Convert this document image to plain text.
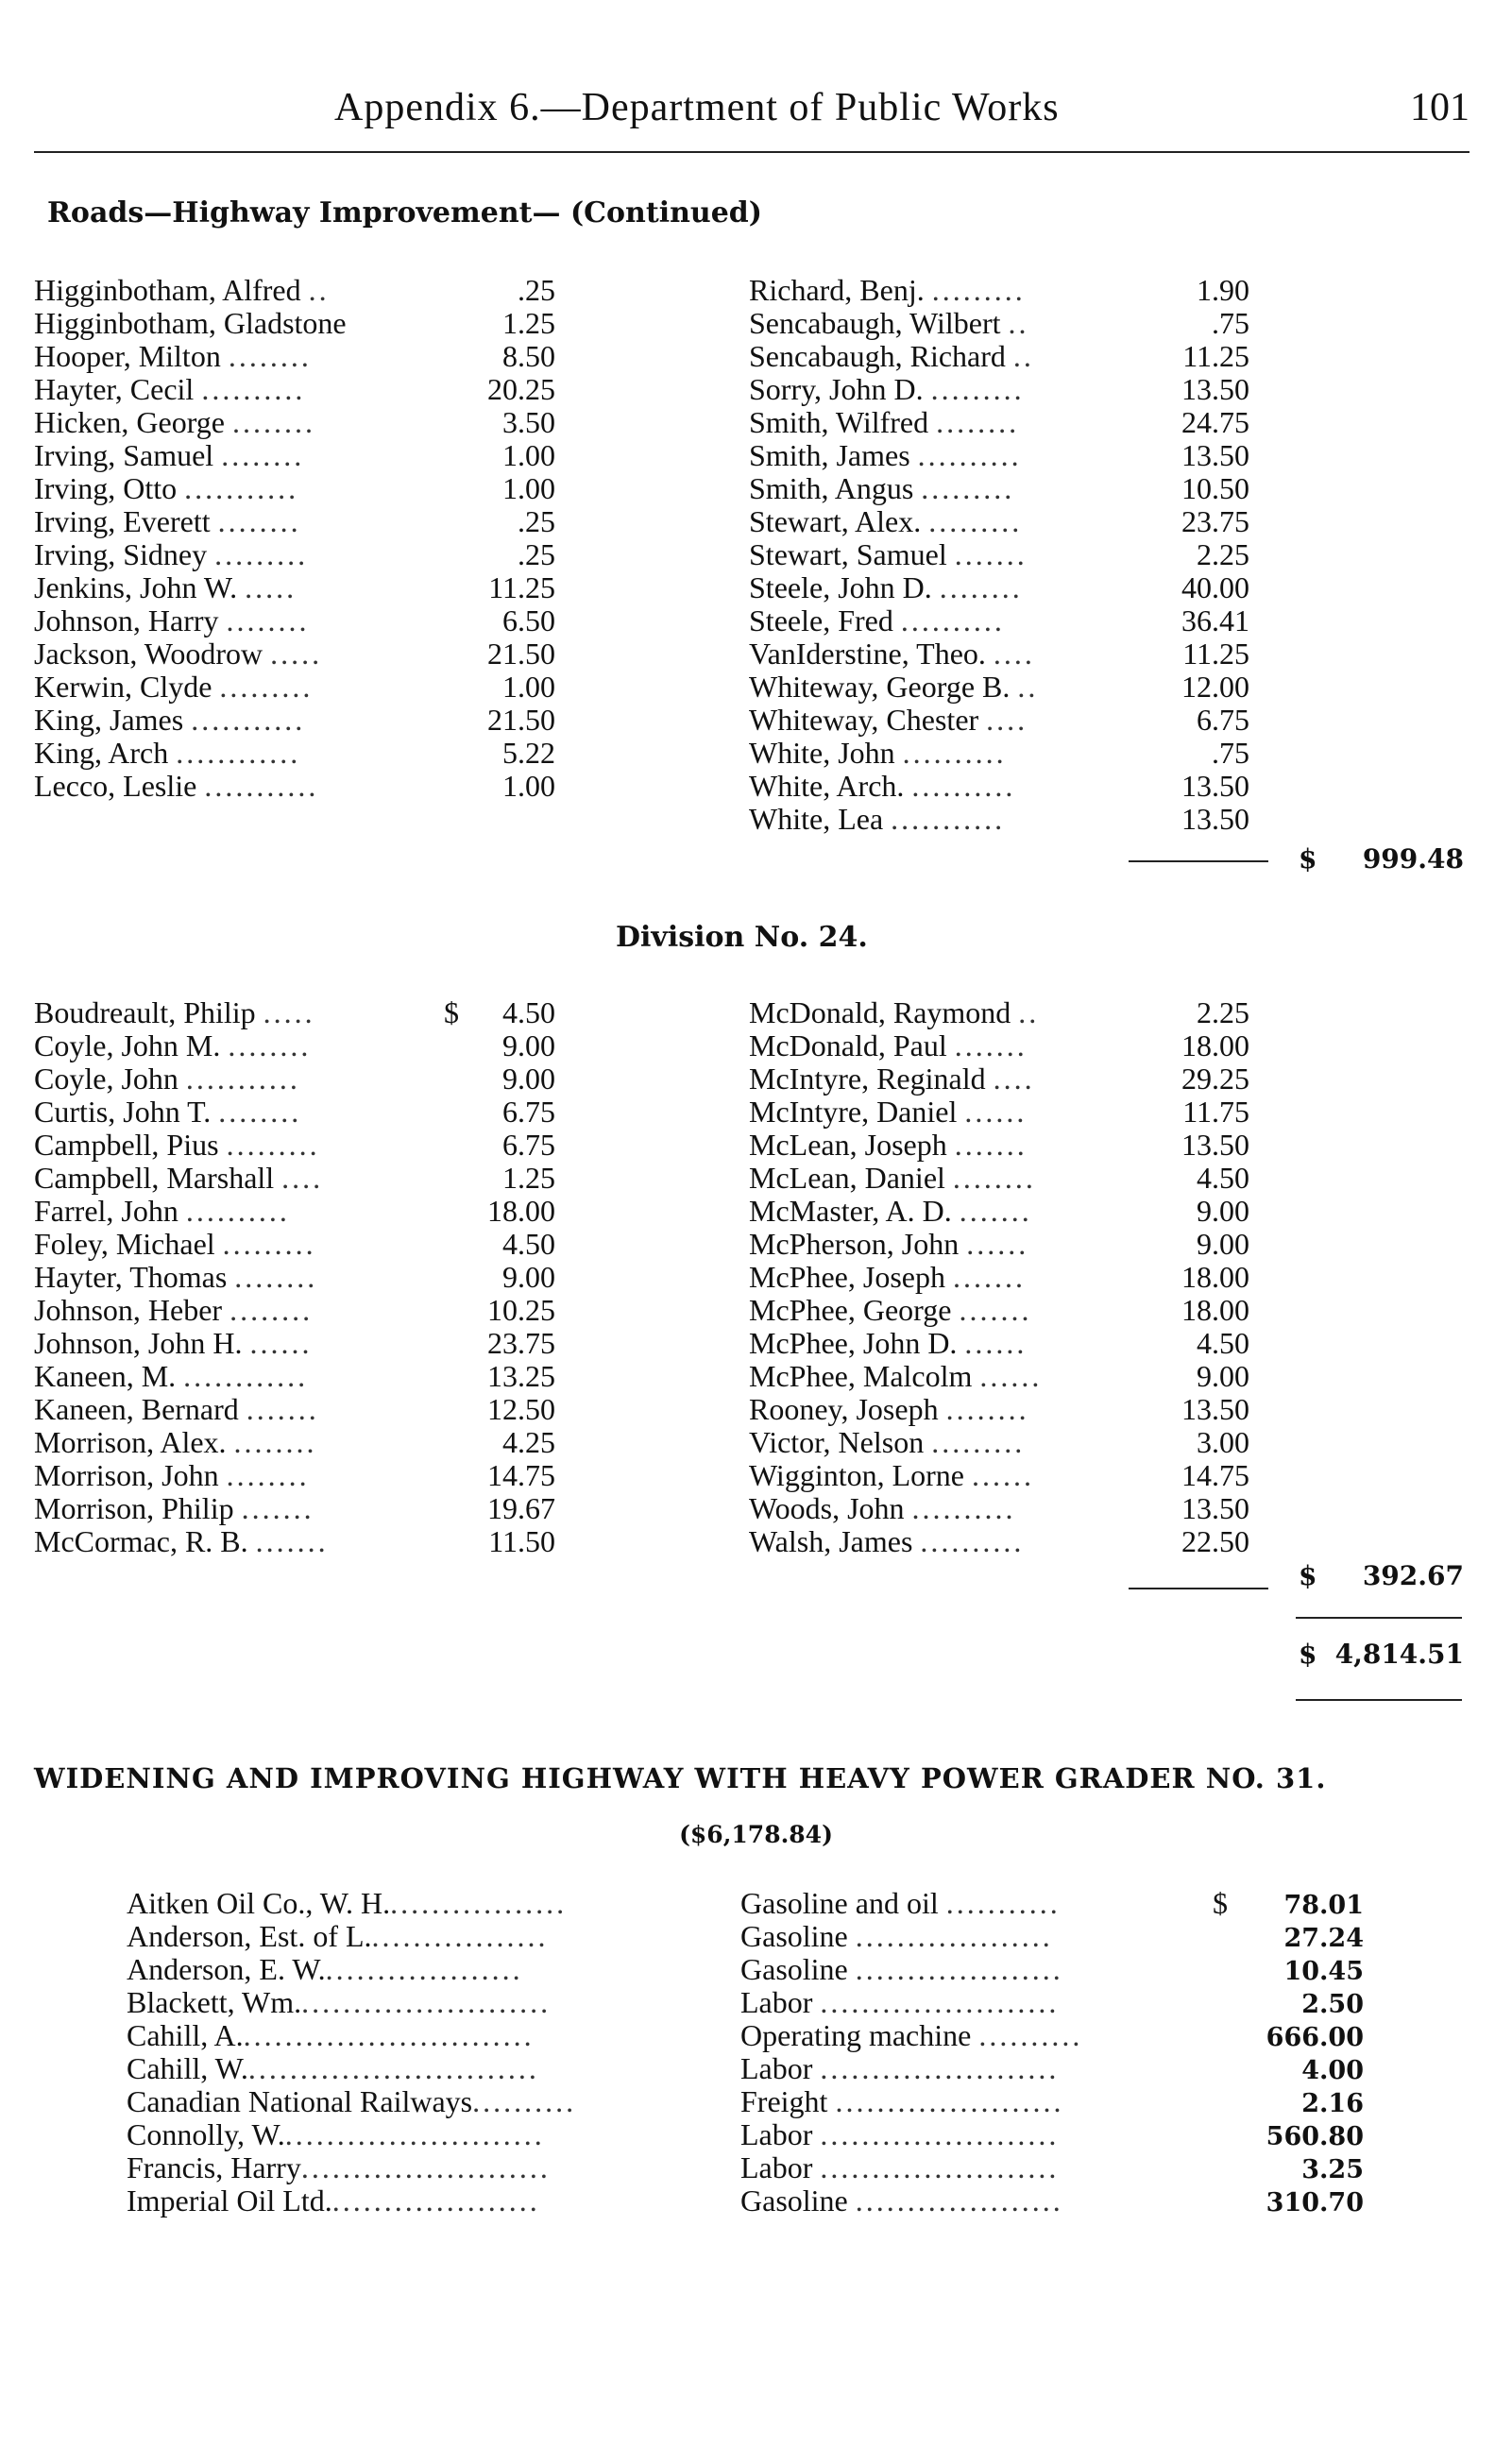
Appendix 6.—Department of Public Works	101
Roads—Highway Improvement— (Continued)
Higginbotham, Alfred ..	.25
Higginbotham, Gladstone	1.25
Hooper, Milton ........	8.50
Hayter, Cecil ..........	20.25
Hicken, George ........	3.50
Irving, Samuel ........	1.00
Irving, Otto ...........	1.00
Irving, Everett ........	.25
Irving, Sidney .........	.25
Jenkins, John W. .....	11.25
Johnson, Harry ........	6.50
Jackson, Woodrow .....	21.50
Kerwin, Clyde .........	1.00
King, James ...........	21.50
King, Arch ............	5.22
Lecco, Leslie ...........	1.00
Richard, Benj. .........	1.90
Sencabaugh, Wilbert ..	.75
Sencabaugh, Richard ..	11.25
Sorry, John D. .........	13.50
Smith, Wilfred ........	24.75
Smith, James ..........	13.50
Smith, Angus .........	10.50
Stewart, Alex. .........	23.75
Stewart, Samuel .......	2.25
Steele, John D. ........	40.00
Steele, Fred ..........	36.41
VanIderstine, Theo. ....	11.25
Whiteway, George B. ..	12.00
Whiteway, Chester ....	6.75
White, John ..........	.75
White, Arch. ..........	13.50
White, Lea ...........	13.50
$ 999.48
Division No. 24.
Boudreault, Philip .....	$	4.50
Coyle, John M. ........	9.00
Coyle, John ...........	9.00
Curtis, John T. ........	6.75
Campbell, Pius .........	6.75
Campbell, Marshall ....	1.25
Farrel, John ..........	18.00
Foley, Michael .........	4.50
Hayter, Thomas ........	9.00
Johnson, Heber ........	10.25
Johnson, John H. ......	23.75
Kaneen, M. ............	13.25
Kaneen, Bernard .......	12.50
Morrison, Alex. ........	4.25
Morrison, John ........	14.75
Morrison, Philip .......	19.67
McCormac, R. B. .......	11.50
McDonald, Raymond ..	2.25
McDonald, Paul .......	18.00
McIntyre, Reginald ....	29.25
McIntyre, Daniel ......	11.75
McLean, Joseph .......	13.50
McLean, Daniel ........	4.50
McMaster, A. D. .......	9.00
McPherson, John ......	9.00
McPhee, Joseph .......	18.00
McPhee, George .......	18.00
McPhee, John D. ......	4.50
McPhee, Malcolm ......	9.00
Rooney, Joseph ........	13.50
Victor, Nelson .........	3.00
Wigginton, Lorne ......	14.75
Woods, John ..........	13.50
Walsh, James ..........	22.50
$ 392.67
$ 4,814.51
WIDENING AND IMPROVING HIGHWAY WITH HEAVY POWER GRADER NO. 31.
($6,178.84)
Aitken Oil Co., W. H..................	Gasoline and oil ...........	$	78.01
Anderson, Est. of L..................	Gasoline ...................	27.24
Anderson, E. W....................	Gasoline ....................	10.45
Blackett, Wm.........................	Labor .......................	2.50
Cahill, A.............................	Operating machine ..........	666.00
Cahill, W.............................	Labor .......................	4.00
Canadian National Railways..........	Freight ......................	2.16
Connolly, W..........................	Labor .......................	560.80
Francis, Harry........................	Labor .......................	3.25
Imperial Oil Ltd.....................	Gasoline ....................	310.70
